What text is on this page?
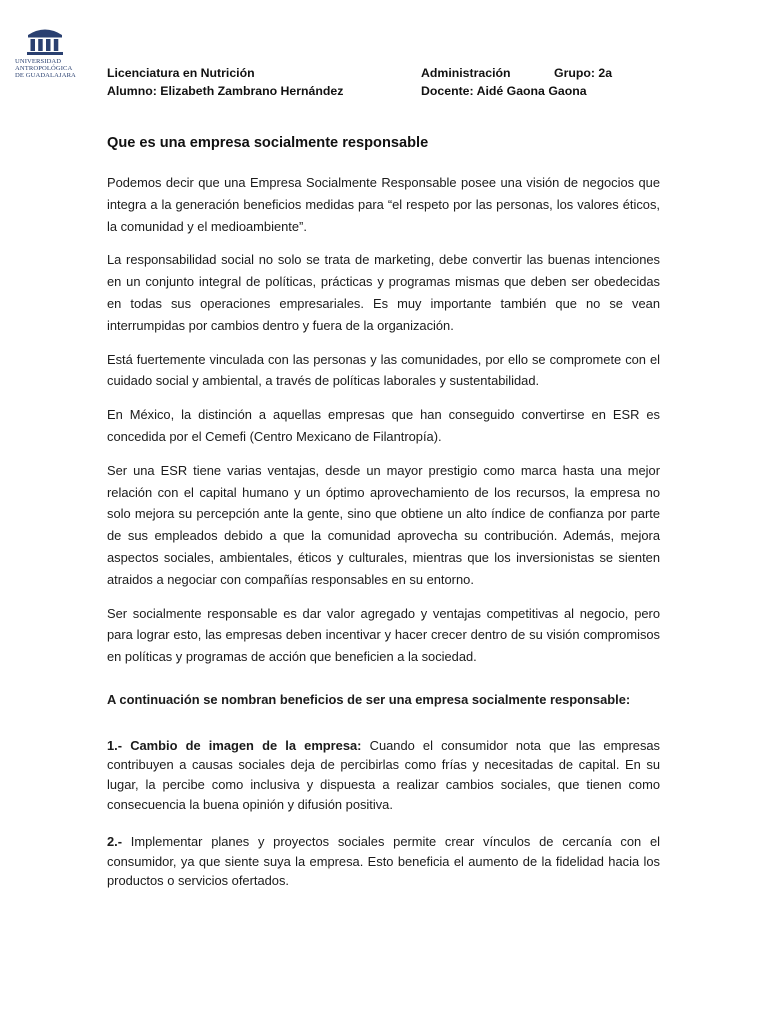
UNIVERSIDAD
ANTROPOLÓGICA
DE GUADALAJARA	Licenciatura en Nutrición	Administración	Grupo: 2a
Alumno: Elizabeth Zambrano Hernández	Docente: Aidé Gaona Gaona
Que es una empresa socialmente responsable

Podemos decir que una Empresa Socialmente Responsable posee una visión de negocios que integra a la generación beneficios medidas para “el respeto por las personas, los valores éticos, la comunidad y el medioambiente”.

La responsabilidad social no solo se trata de marketing, debe convertir las buenas intenciones en un conjunto integral de políticas, prácticas y programas mismas que deben ser obedecidas en todas sus operaciones empresariales. Es muy importante también que no se vean interrumpidas por cambios dentro y fuera de la organización.

Está fuertemente vinculada con las personas y las comunidades, por ello se compromete con el cuidado social y ambiental, a través de políticas laborales y sustentabilidad.

En México, la distinción a aquellas empresas que han conseguido convertirse en ESR es concedida por el Cemefi (Centro Mexicano de Filantropía).

Ser una ESR tiene varias ventajas, desde un mayor prestigio como marca hasta una mejor relación con el capital humano y un óptimo aprovechamiento de los recursos, la empresa no solo mejora su percepción ante la gente, sino que obtiene un alto índice de confianza por parte de sus empleados debido a que la comunidad aprovecha su contribución. Además, mejora aspectos sociales, ambientales, éticos y culturales, mientras que los inversionistas se sienten atraidos a negociar con compañías responsables en su entorno.

Ser socialmente responsable es dar valor agregado y ventajas competitivas al negocio, pero para lograr esto, las empresas deben incentivar y hacer crecer dentro de su visión compromisos en políticas y programas de acción que beneficien a la sociedad.

A continuación se nombran beneficios de ser una empresa socialmente responsable:

1.- Cambio de imagen de la empresa: Cuando el consumidor nota que las empresas contribuyen a causas sociales deja de percibirlas como frías y necesitadas de capital. En su lugar, la percibe como inclusiva y dispuesta a realizar cambios sociales, que tienen como consecuencia la buena opinión y difusión positiva.

2.- Implementar planes y proyectos sociales permite crear vínculos de cercanía con el consumidor, ya que siente suya la empresa. Esto beneficia el aumento de la fidelidad hacia los productos o servicios ofertados.
